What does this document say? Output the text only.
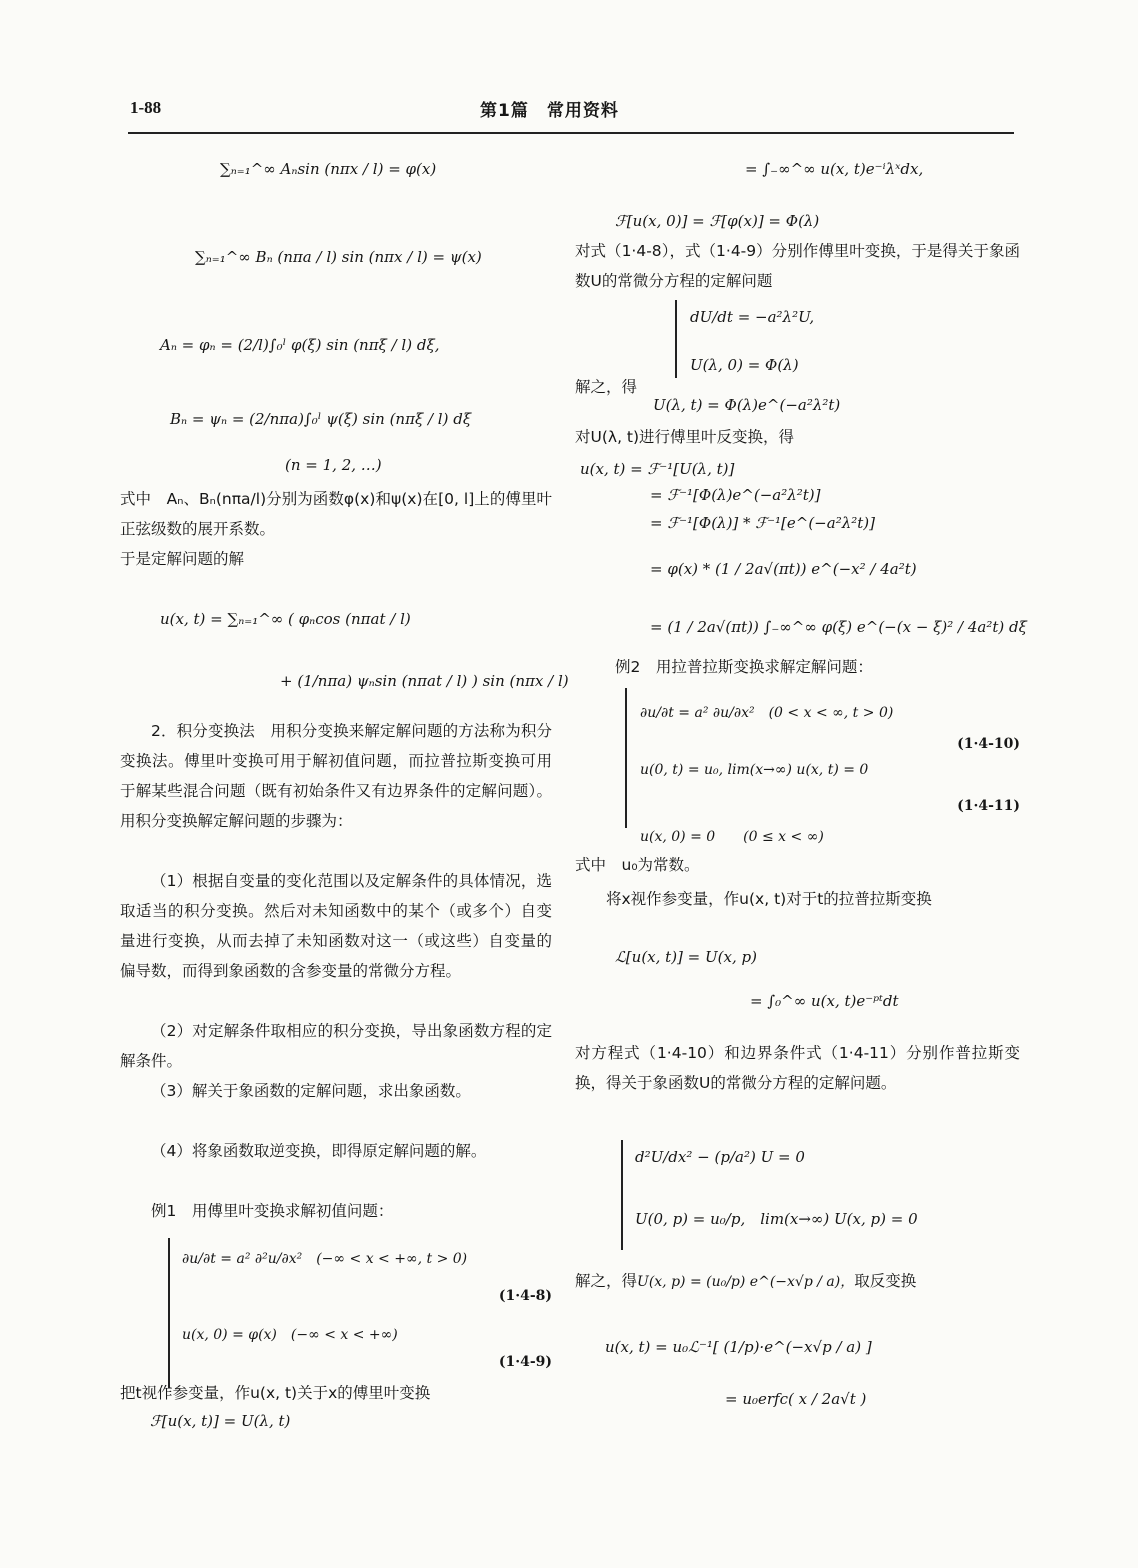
1-88	第1篇　常用资料
∑ₙ₌₁^∞ Aₙsin (nπx / l) = φ(x)
∑ₙ₌₁^∞ Bₙ (nπa / l) sin (nπx / l) = ψ(x)
Aₙ = φₙ = (2/l)∫₀ˡ φ(ξ) sin (nπξ / l) dξ,
Bₙ = ψₙ = (2/nπa)∫₀ˡ ψ(ξ) sin (nπξ / l) dξ
(n = 1, 2, …)

式中　Aₙ、Bₙ(nπa/l)分别为函数φ(x)和ψ(x)在[0, l]上的傅里叶正弦级数的展开系数。

于是定解问题的解

u(x, t) = ∑ₙ₌₁^∞ ( φₙcos (nπat / l)
+ (1/nπa) ψₙsin (nπat / l) ) sin (nπx / l)

2．积分变换法　用积分变换来解定解问题的方法称为积分变换法。傅里叶变换可用于解初值问题，而拉普拉斯变换可用于解某些混合问题（既有初始条件又有边界条件的定解问题）。用积分变换解定解问题的步骤为：

（1）根据自变量的变化范围以及定解条件的具体情况，选取适当的积分变换。然后对未知函数中的某个（或多个）自变量进行变换，从而去掉了未知函数对这一（或这些）自变量的偏导数，而得到象函数的含参变量的常微分方程。

（2）对定解条件取相应的积分变换，导出象函数方程的定解条件。

（3）解关于象函数的定解问题，求出象函数。

（4）将象函数取逆变换，即得原定解问题的解。

例1　用傅里叶变换求解初值问题：

∂u/∂t = a² ∂²u/∂x²　(−∞ < x < +∞, t > 0)
(1·4-8)
u(x, 0) = φ(x)　(−∞ < x < +∞)
(1·4-9)

把t视作参变量，作u(x, t)关于x的傅里叶变换

ℱ[u(x, t)] = U(λ, t)
= ∫₋∞^∞ u(x, t)e⁻ⁱλˣdx,
ℱ[u(x, 0)] = ℱ[φ(x)] = Φ(λ)

对式（1·4-8），式（1·4-9）分别作傅里叶变换，于是得关于象函数U的常微分方程的定解问题

dU/dt = −a²λ²U,
U(λ, 0) = Φ(λ)

解之，得

U(λ, t) = Φ(λ)e^(−a²λ²t)

对U(λ, t)进行傅里叶反变换，得

u(x, t) = ℱ⁻¹[U(λ, t)]
= ℱ⁻¹[Φ(λ)e^(−a²λ²t)]
= ℱ⁻¹[Φ(λ)] * ℱ⁻¹[e^(−a²λ²t)]
= φ(x) * (1 / 2a√(πt)) e^(−x² / 4a²t)
= (1 / 2a√(πt)) ∫₋∞^∞ φ(ξ) e^(−(x − ξ)² / 4a²t) dξ

例2　用拉普拉斯变换求解定解问题：

∂u/∂t = a² ∂u/∂x²　(0 < x < ∞, t > 0)
(1·4-10)
u(0, t) = u₀, lim(x→∞) u(x, t) = 0
(1·4-11)
u(x, 0) = 0　　(0 ≤ x < ∞)

式中　u₀为常数。

将x视作参变量，作u(x, t)对于t的拉普拉斯变换

ℒ[u(x, t)] = U(x, p)
= ∫₀^∞ u(x, t)e⁻ᵖᵗdt

对方程式（1·4-10）和边界条件式（1·4-11）分别作普拉斯变换，得关于象函数U的常微分方程的定解问题。

d²U/dx² − (p/a²) U = 0
U(0, p) = u₀/p,　lim(x→∞) U(x, p) = 0
解之，得U(x, p) = (u₀/p) e^(−x√p / a)，取反变换
u(x, t) = u₀ℒ⁻¹[ (1/p)·e^(−x√p / a) ]
= u₀erfc( x / 2a√t )
